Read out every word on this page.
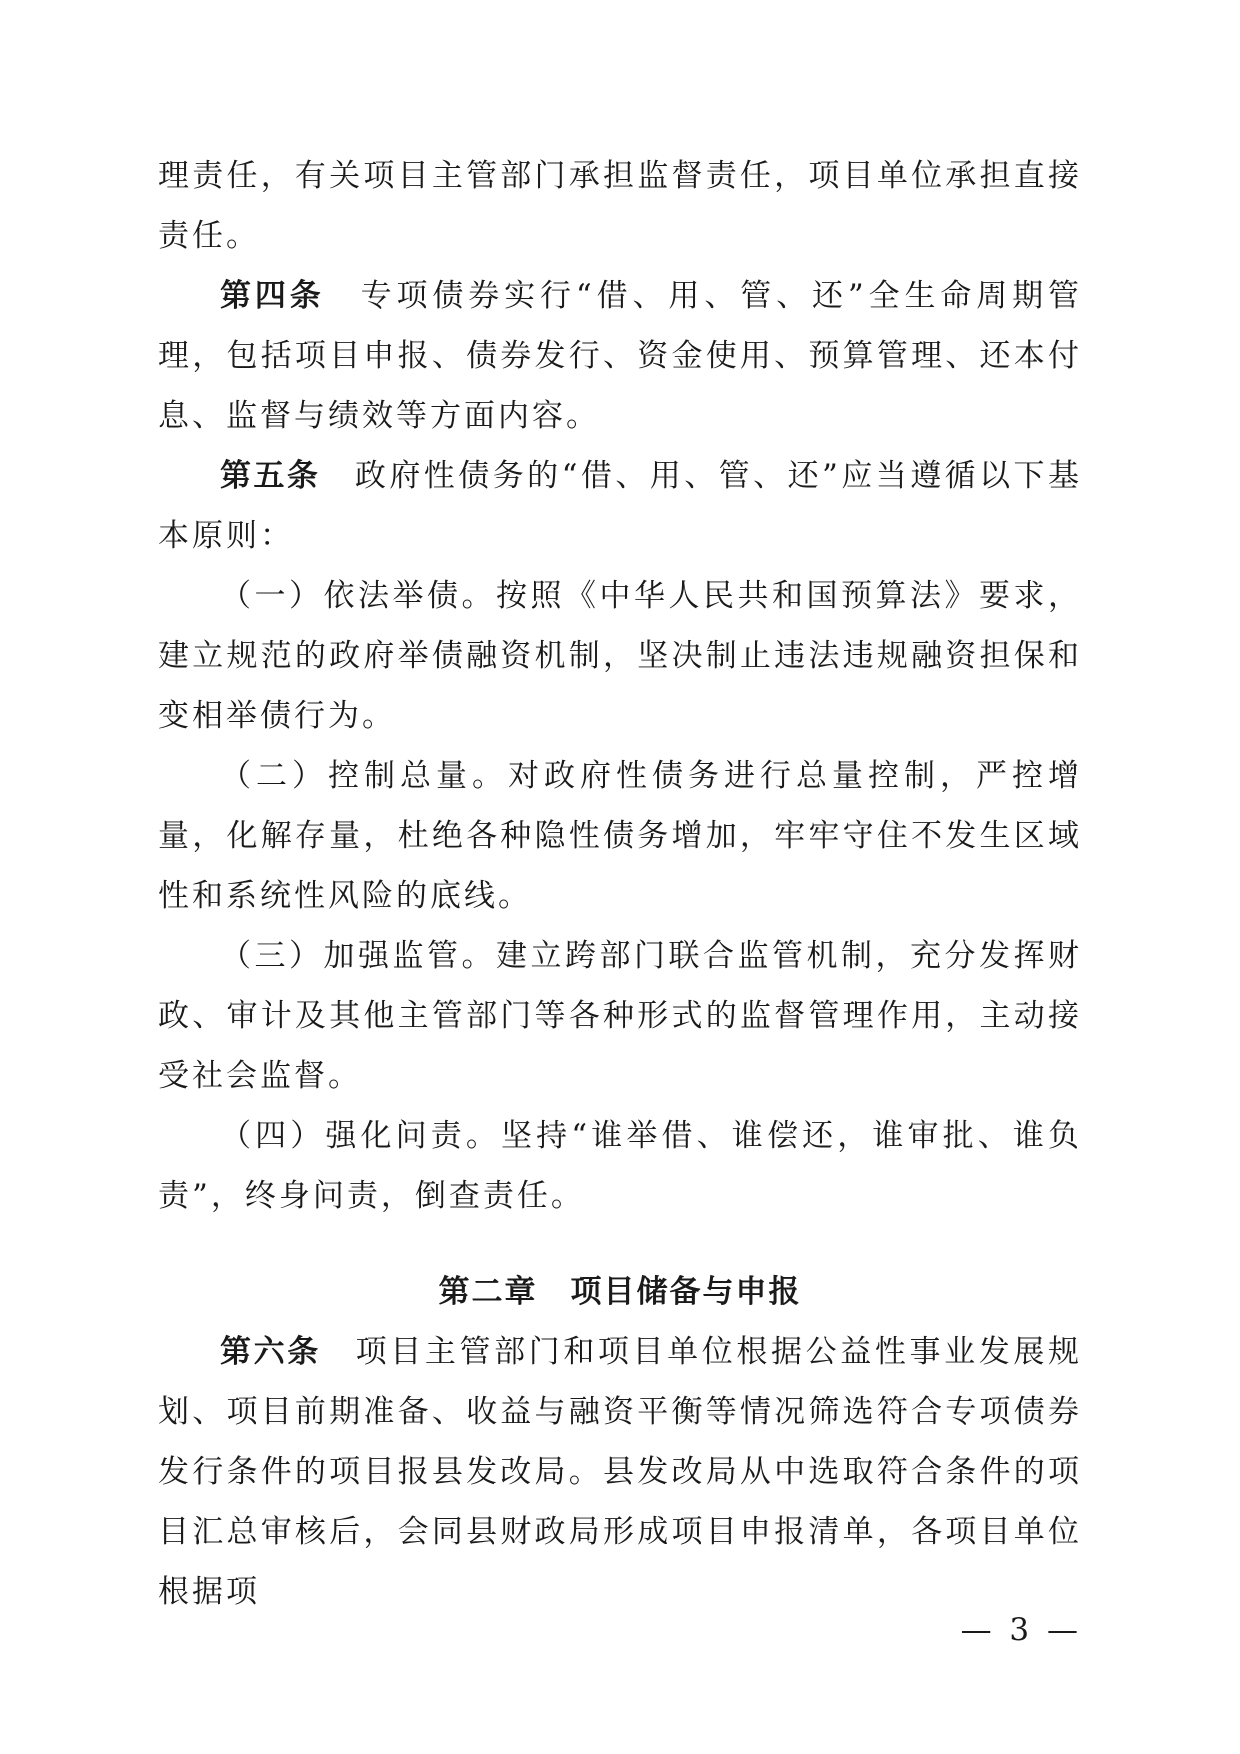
理责任，有关项目主管部门承担监督责任，项目单位承担直接责任。

第四条 专项债券实行“借、用、管、还”全生命周期管理，包括项目申报、债券发行、资金使用、预算管理、还本付息、监督与绩效等方面内容。

第五条 政府性债务的“借、用、管、还”应当遵循以下基本原则：

（一）依法举债。按照《中华人民共和国预算法》要求，建立规范的政府举债融资机制，坚决制止违法违规融资担保和变相举债行为。

（二）控制总量。对政府性债务进行总量控制，严控增量，化解存量，杜绝各种隐性债务增加，牢牢守住不发生区域性和系统性风险的底线。

（三）加强监管。建立跨部门联合监管机制，充分发挥财政、审计及其他主管部门等各种形式的监督管理作用，主动接受社会监督。

（四）强化问责。坚持“谁举借、谁偿还，谁审批、谁负责”，终身问责，倒查责任。

第二章　项目储备与申报

第六条 项目主管部门和项目单位根据公益性事业发展规划、项目前期准备、收益与融资平衡等情况筛选符合专项债券发行条件的项目报县发改局。县发改局从中选取符合条件的项目汇总审核后，会同县财政局形成项目申报清单，各项目单位根据项

— 3 —
